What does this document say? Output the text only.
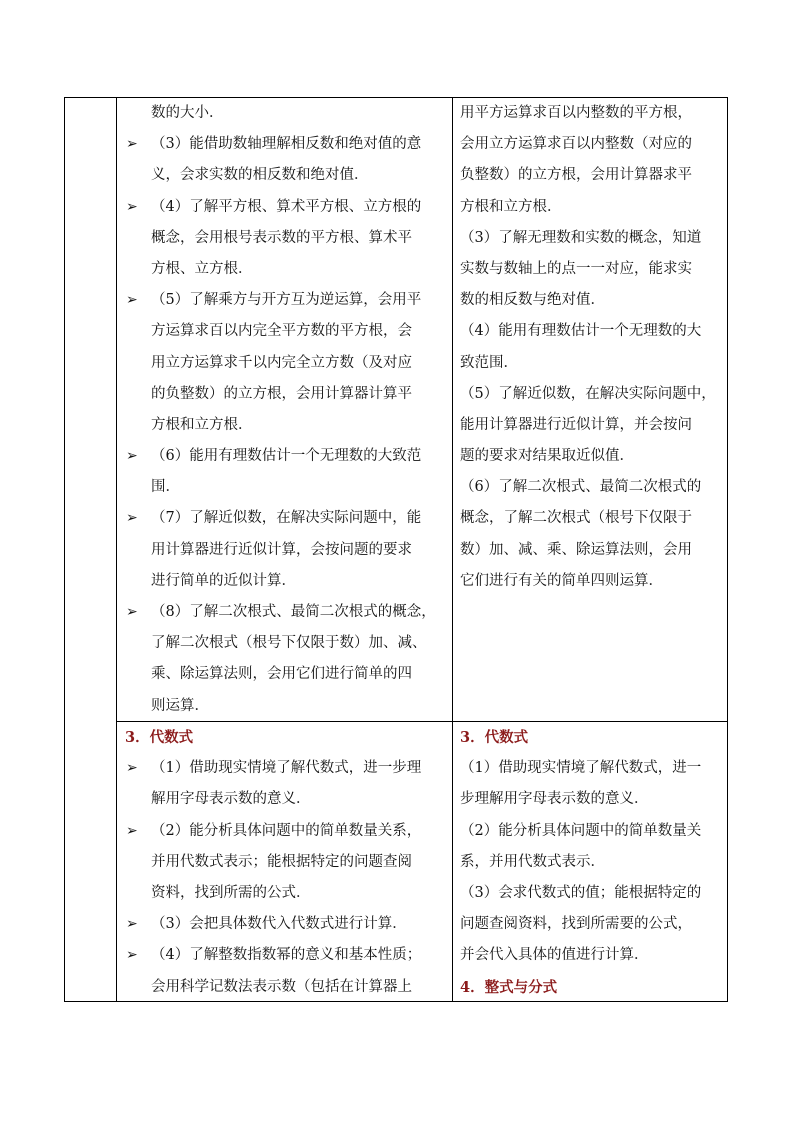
数的大小．
➢ （3）能借助数轴理解相反数和绝对值的意
义，会求实数的相反数和绝对值．
➢ （4）了解平方根、算术平方根、立方根的
概念，会用根号表示数的平方根、算术平
方根、立方根．
➢ （5）了解乘方与开方互为逆运算，会用平
方运算求百以内完全平方数的平方根，会
用立方运算求千以内完全立方数（及对应
的负整数）的立方根，会用计算器计算平
方根和立方根．
➢ （6）能用有理数估计一个无理数的大致范
围．
➢ （7）了解近似数，在解决实际问题中，能
用计算器进行近似计算，会按问题的要求
进行简单的近似计算．
➢ （8）了解二次根式、最简二次根式的概念，
了解二次根式（根号下仅限于数）加、减、
乘、除运算法则，会用它们进行简单的四
则运算．
用平方运算求百以内整数的平方根，
会用立方运算求百以内整数（对应的
负整数）的立方根，会用计算器求平
方根和立方根．
（3）了解无理数和实数的概念，知道
实数与数轴上的点一一对应，能求实
数的相反数与绝对值．
（4）能用有理数估计一个无理数的大
致范围．
（5）了解近似数，在解决实际问题中，
能用计算器进行近似计算，并会按问
题的要求对结果取近似值．
（6）了解二次根式、最简二次根式的
概念，了解二次根式（根号下仅限于
数）加、减、乘、除运算法则，会用
它们进行有关的简单四则运算．
3．代数式
➢ （1）借助现实情境了解代数式，进一步理
解用字母表示数的意义．
➢ （2）能分析具体问题中的简单数量关系，
并用代数式表示；能根据特定的问题查阅
资料，找到所需的公式．
➢ （3）会把具体数代入代数式进行计算．
➢ （4）了解整数指数幂的意义和基本性质；
会用科学记数法表示数（包括在计算器上
3．代数式
（1）借助现实情境了解代数式，进一
步理解用字母表示数的意义．
（2）能分析具体问题中的简单数量关
系，并用代数式表示．
（3）会求代数式的值；能根据特定的
问题查阅资料，找到所需要的公式，
并会代入具体的值进行计算．
4．整式与分式
